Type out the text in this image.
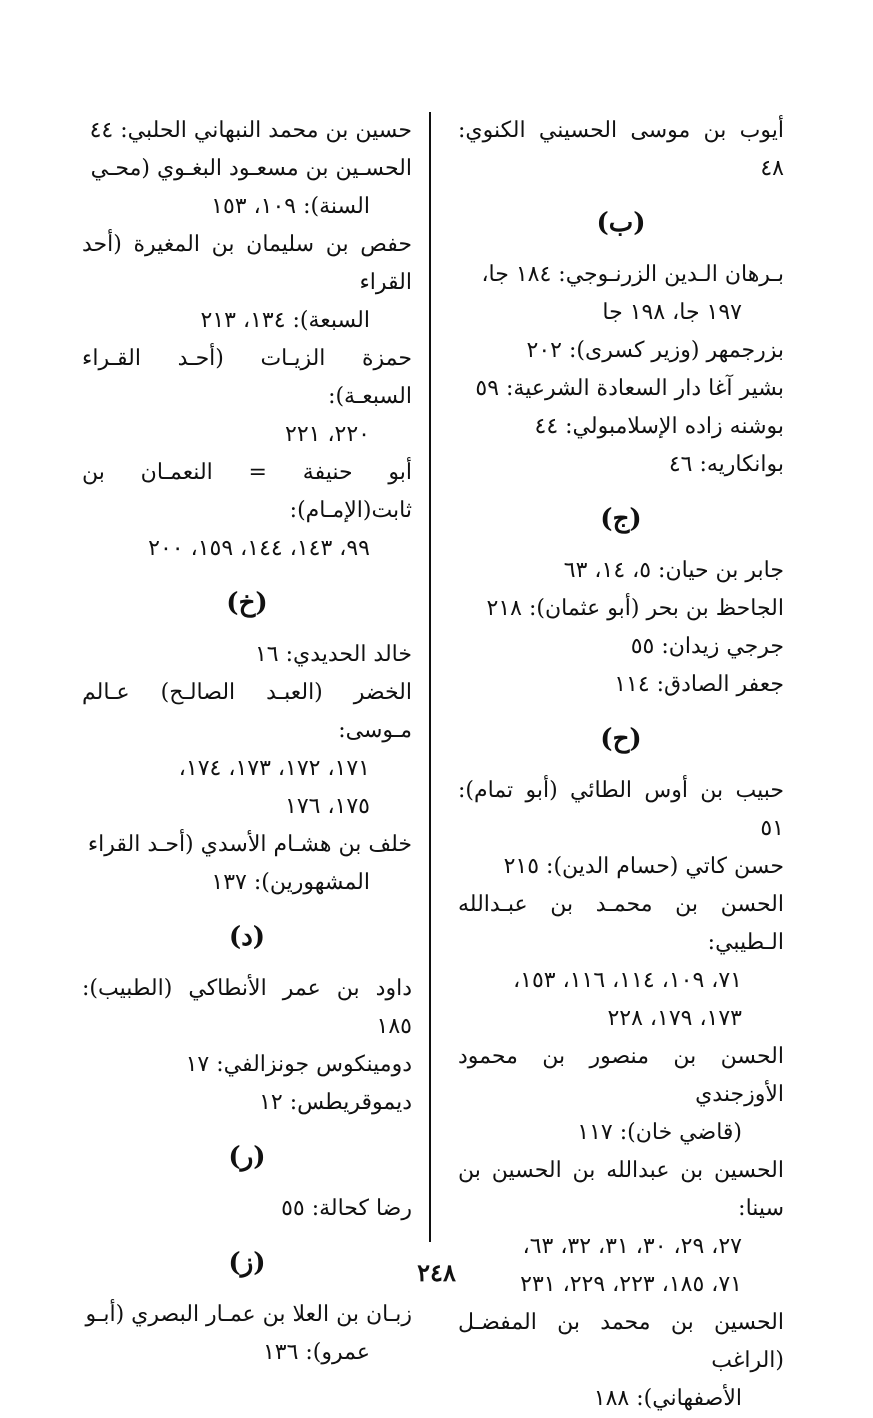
أيوب بن موسى الحسيني الكنوي: ٤٨
(ب)
بـرهان الـدين الزرنـوجي: ١٨٤ جا،
١٩٧ جا، ١٩٨ جا
بزرجمهر (وزير كسرى): ٢٠٢
بشير آغا دار السعادة الشرعية: ٥٩
بوشنه زاده الإسلامبولي: ٤٤
بوانكاريه: ٤٦
(ج)
جابر بن حيان: ٥، ١٤، ٦٣
الجاحظ بن بحر (أبو عثمان): ٢١٨
جرجي زيدان: ٥٥
جعفر الصادق: ١١٤
(ح)
حبيب بن أوس الطائي (أبو تمام): ٥١
حسن كاتي (حسام الدين): ٢١٥
الحسن بن محمـد بن عبـدالله الـطيبي:
٧١، ١٠٩، ١١٤، ١١٦، ١٥٣،
١٧٣، ١٧٩، ٢٢٨
الحسن بن منصور بن محمود الأوزجندي
(قاضي خان): ١١٧
الحسين بن عبدالله بن الحسين بن سينا:
٢٧، ٢٩، ٣٠، ٣١، ٣٢، ٦٣،
٧١، ١٨٥، ٢٢٣، ٢٢٩، ٢٣١
الحسين بن محمد بن المفضـل (الراغب
الأصفهاني): ١٨٨
حسين بن محمد النبهاني الحلبي: ٤٤
الحسـين بن مسعـود البغـوي (محـي
السنة): ١٠٩، ١٥٣
حفص بن سليمان بن المغيرة (أحد القراء
السبعة): ١٣٤، ٢١٣
حمزة الزيـات (أحـد القـراء السبعـة):
٢٢٠، ٢٢١
أبو حنيفة = النعمـان بن ثابت(الإمـام):
٩٩، ١٤٣، ١٤٤، ١٥٩، ٢٠٠
(خ)
خالد الحديدي: ١٦
الخضر (العبـد الصالـح) عـالم مـوسى:
١٧١، ١٧٢، ١٧٣، ١٧٤،
١٧٥، ١٧٦
خلف بن هشـام الأسدي (أحـد القراء
المشهورين): ١٣٧
(د)
داود بن عمر الأنطاكي (الطبيب): ١٨٥
دومينكوس جونزالفي: ١٧
ديموقريطس: ١٢
(ر)
رضا كحالة: ٥٥
(ز)
زبـان بن العلا بن عمـار البصري (أبـو
عمرو): ١٣٦
٢٤٨
